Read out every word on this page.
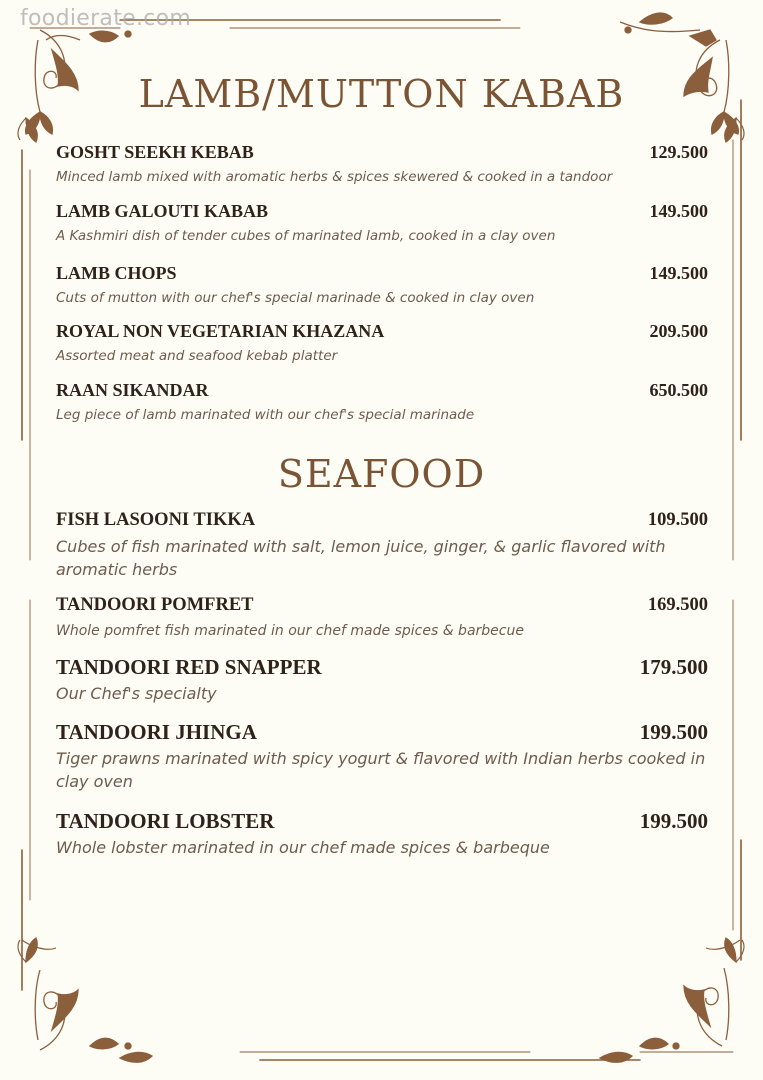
foodierate.com
LAMB/MUTTON KABAB
GOSHT SEEKH KEBAB	129.500
Minced lamb mixed with aromatic herbs & spices skewered & cooked in a tandoor
LAMB GALOUTI KABAB	149.500
A Kashmiri dish of tender cubes of marinated lamb, cooked in a clay oven
LAMB CHOPS	149.500
Cuts of mutton with our chef's special marinade & cooked in clay oven
ROYAL NON VEGETARIAN KHAZANA	209.500
Assorted meat and seafood kebab platter
RAAN SIKANDAR	650.500
Leg piece of lamb marinated with our chef's special marinade
SEAFOOD
FISH LASOONI TIKKA	109.500
Cubes of fish marinated with salt, lemon juice, ginger, & garlic flavored with aromatic herbs
TANDOORI POMFRET	169.500
Whole pomfret fish marinated in our chef made spices & barbecue
TANDOORI RED SNAPPER	179.500
Our Chef's specialty
TANDOORI JHINGA	199.500
Tiger prawns marinated with spicy yogurt & flavored with Indian herbs cooked in clay oven
TANDOORI LOBSTER	199.500
Whole lobster marinated in our chef made spices & barbeque
